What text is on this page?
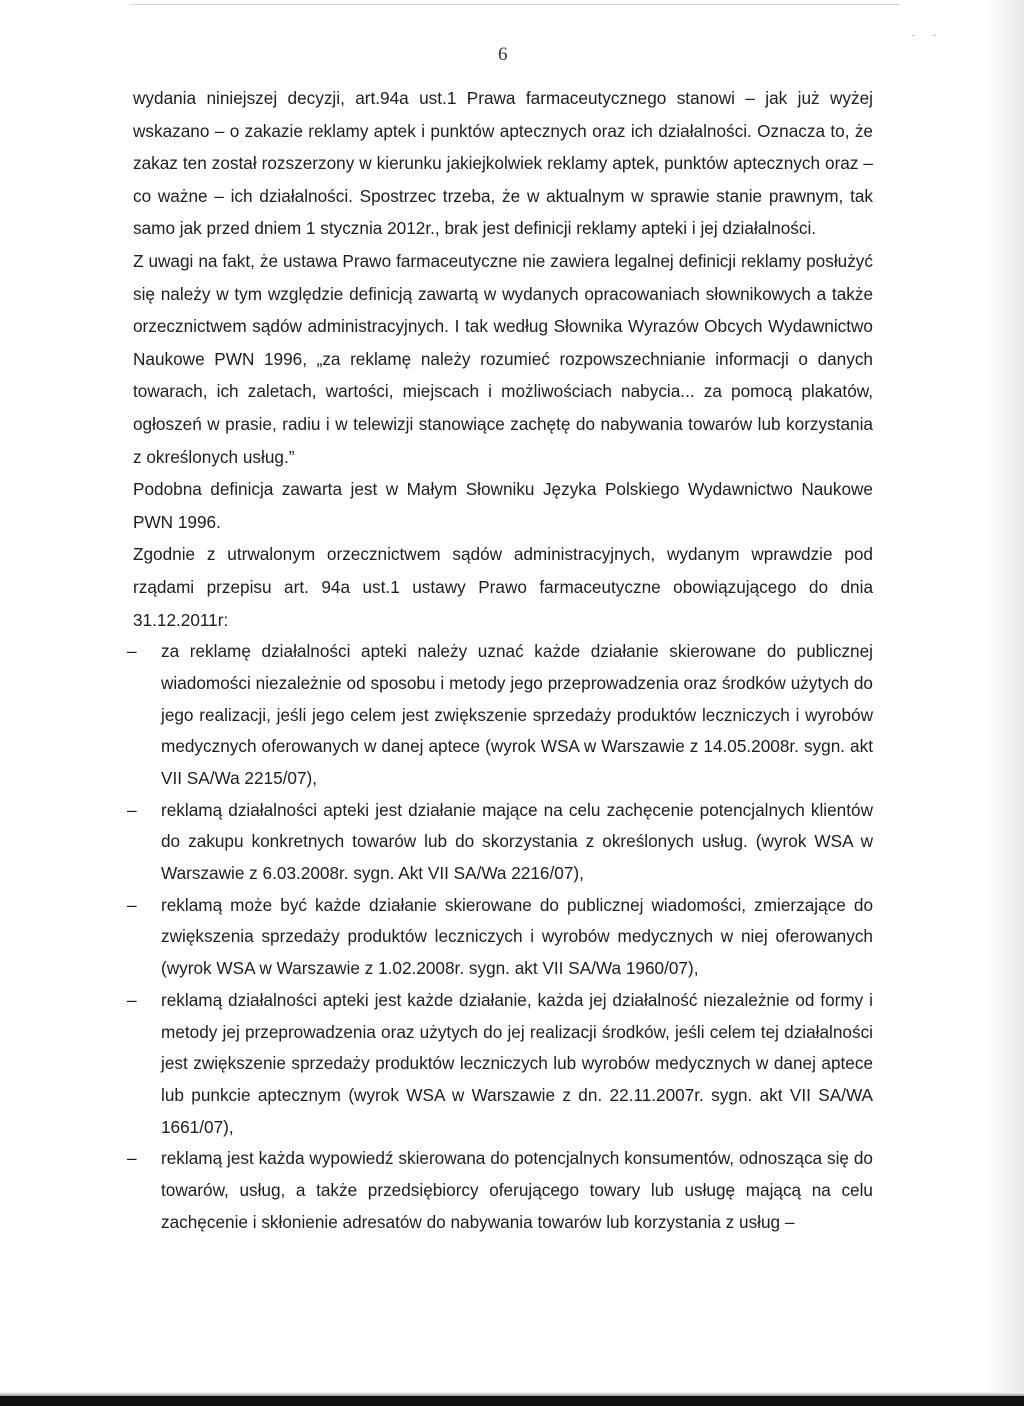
··
6

wydania niniejszej decyzji, art.94a ust.1 Prawa farmaceutycznego stanowi – jak już wyżej wskazano – o zakazie reklamy aptek i punktów aptecznych oraz ich działalności. Oznacza to, że zakaz ten został rozszerzony w kierunku jakiejkolwiek reklamy aptek, punktów aptecznych oraz – co ważne – ich działalności. Spostrzec trzeba, że w aktualnym w sprawie stanie prawnym, tak samo jak przed dniem 1 stycznia 2012r., brak jest definicji reklamy apteki i jej działalności.

Z uwagi na fakt, że ustawa Prawo farmaceutyczne nie zawiera legalnej definicji reklamy posłużyć się należy w tym względzie definicją zawartą w wydanych opracowaniach słownikowych a także orzecznictwem sądów administracyjnych. I tak według Słownika Wyrazów Obcych Wydawnictwo Naukowe PWN 1996, „za reklamę należy rozumieć rozpowszechnianie informacji o danych towarach, ich zaletach, wartości, miejscach i możliwościach nabycia... za pomocą plakatów, ogłoszeń w prasie, radiu i w telewizji stanowiące zachętę do nabywania towarów lub korzystania z określonych usług.”

Podobna definicja zawarta jest w Małym Słowniku Języka Polskiego Wydawnictwo Naukowe PWN 1996.

Zgodnie z utrwalonym orzecznictwem sądów administracyjnych, wydanym wprawdzie pod rządami przepisu art. 94a ust.1 ustawy Prawo farmaceutyczne obowiązującego do dnia 31.12.2011r:

– za reklamę działalności apteki należy uznać każde działanie skierowane do publicznej wiadomości niezależnie od sposobu i metody jego przeprowadzenia oraz środków użytych do jego realizacji, jeśli jego celem jest zwiększenie sprzedaży produktów leczniczych i wyrobów medycznych oferowanych w danej aptece (wyrok WSA w Warszawie z 14.05.2008r. sygn. akt VII SA/Wa 2215/07),
– reklamą działalności apteki jest działanie mające na celu zachęcenie potencjalnych klientów do zakupu konkretnych towarów lub do skorzystania z określonych usług. (wyrok WSA w Warszawie z 6.03.2008r. sygn. Akt VII SA/Wa 2216/07),
– reklamą może być każde działanie skierowane do publicznej wiadomości, zmierzające do zwiększenia sprzedaży produktów leczniczych i wyrobów medycznych w niej oferowanych (wyrok WSA w Warszawie z 1.02.2008r. sygn. akt VII SA/Wa 1960/07),
– reklamą działalności apteki jest każde działanie, każda jej działalność niezależnie od formy i metody jej przeprowadzenia oraz użytych do jej realizacji środków, jeśli celem tej działalności jest zwiększenie sprzedaży produktów leczniczych lub wyrobów medycznych w danej aptece lub punkcie aptecznym (wyrok WSA w Warszawie z dn. 22.11.2007r. sygn. akt VII SA/WA 1661/07),
– reklamą jest każda wypowiedź skierowana do potencjalnych konsumentów, odnosząca się do towarów, usług, a także przedsiębiorcy oferującego towary lub usługę mającą na celu zachęcenie i skłonienie adresatów do nabywania towarów lub korzystania z usług –
